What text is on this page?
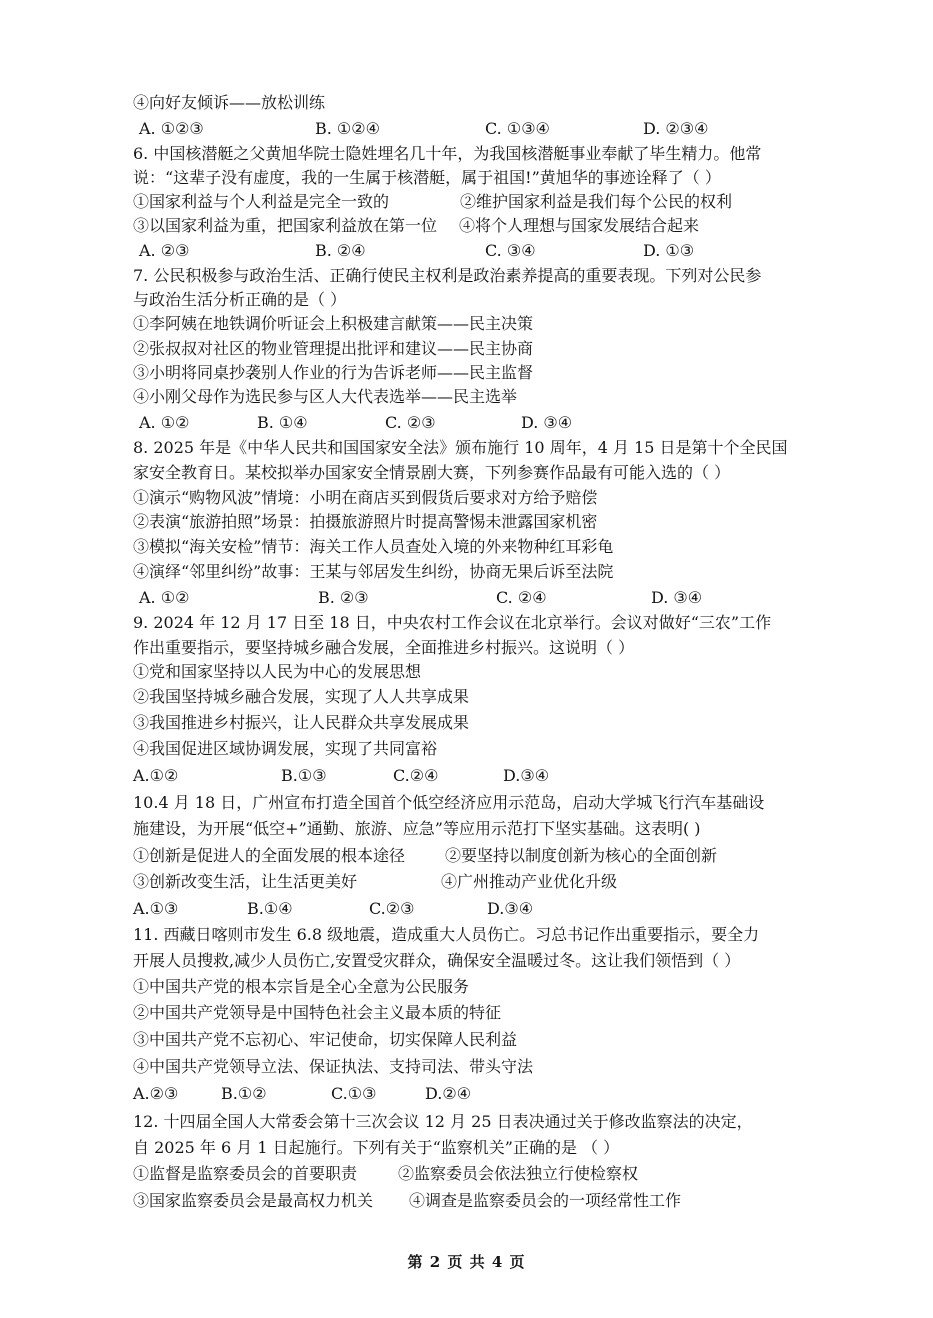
④向好友倾诉——放松训练
A. ①②③	B. ①②④	C. ①③④	D. ②③④
6. 中国核潜艇之父黄旭华院士隐姓埋名几十年，为我国核潜艇事业奉献了毕生精力。他常
说：“这辈子没有虚度，我的一生属于核潜艇，属于祖国!”黄旭华的事迹诠释了（ ）
①国家利益与个人利益是完全一致的	②维护国家利益是我们每个公民的权利
③以国家利益为重，把国家利益放在第一位 ④将个人理想与国家发展结合起来
A. ②③	B. ②④	C. ③④	D. ①③
7. 公民积极参与政治生活、正确行使民主权利是政治素养提高的重要表现。下列对公民参
与政治生活分析正确的是（ ）
①李阿姨在地铁调价听证会上积极建言献策——民主决策
②张叔叔对社区的物业管理提出批评和建议——民主协商
③小明将同桌抄袭别人作业的行为告诉老师——民主监督
④小刚父母作为选民参与区人大代表选举——民主选举
A. ①②	B. ①④	C. ②③	D. ③④
8. 2025 年是《中华人民共和国国家安全法》颁布施行 10 周年，4 月 15 日是第十个全民国
家安全教育日。某校拟举办国家安全情景剧大赛，下列参赛作品最有可能入选的（ ）
①演示“购物风波”情境：小明在商店买到假货后要求对方给予赔偿
②表演“旅游拍照”场景：拍摄旅游照片时提高警惕未泄露国家机密
③模拟“海关安检”情节：海关工作人员查处入境的外来物种红耳彩龟
④演绎“邻里纠纷”故事：王某与邻居发生纠纷，协商无果后诉至法院
A. ①②	B. ②③	C. ②④	D. ③④
9. 2024 年 12 月 17 日至 18 日，中央农村工作会议在北京举行。会议对做好“三农”工作
作出重要指示，要坚持城乡融合发展，全面推进乡村振兴。这说明（ ）
①党和国家坚持以人民为中心的发展思想
②我国坚持城乡融合发展，实现了人人共享成果
③我国推进乡村振兴，让人民群众共享发展成果
④我国促进区域协调发展，实现了共同富裕
A.①②	B.①③	C.②④	D.③④
10.4 月 18 日，广州宣布打造全国首个低空经济应用示范岛，启动大学城飞行汽车基础设
施建设，为开展“低空+”通勤、旅游、应急”等应用示范打下坚实基础。这表明( )
①创新是促进人的全面发展的根本途径 ②要坚持以制度创新为核心的全面创新
③创新改变生活，让生活更美好	④广州推动产业优化升级
A.①③	B.①④	C.②③	D.③④
11. 西藏日喀则市发生 6.8 级地震，造成重大人员伤亡。习总书记作出重要指示，要全力
开展人员搜救,减少人员伤亡,安置受灾群众，确保安全温暖过冬。这让我们领悟到（ ）
①中国共产党的根本宗旨是全心全意为公民服务
②中国共产党领导是中国特色社会主义最本质的特征
③中国共产党不忘初心、牢记使命，切实保障人民利益
④中国共产党领导立法、保证执法、支持司法、带头守法
A.②③	B.①②	C.①③	D.②④
12. 十四届全国人大常委会第十三次会议 12 月 25 日表决通过关于修改监察法的决定，
自 2025 年 6 月 1 日起施行。下列有关于“监察机关”正确的是 （ ）
①监督是监察委员会的首要职责	②监察委员会依法独立行使检察权
③国家监察委员会是最高权力机关 ④调查是监察委员会的一项经常性工作
第 2 页 共 4 页
